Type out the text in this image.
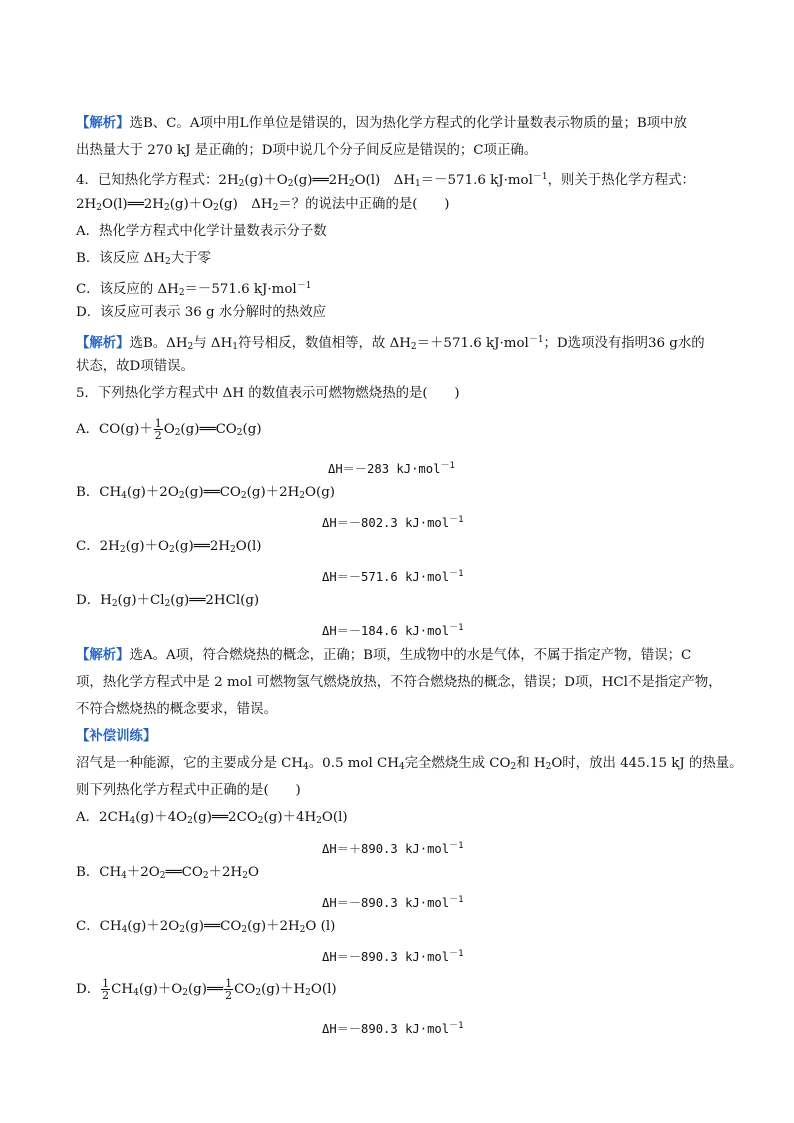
【解析】选B、C。A项中用L作单位是错误的，因为热化学方程式的化学计量数表示物质的量；B项中放
出热量大于 270 kJ 是正确的；D项中说几个分子间反应是错误的；C项正确。
4．已知热化学方程式：$2H_2(g)+O_2(g)══2H_2O(l)$　$\Delta H_1=-571.6$ kJ·mol$^{-1}$，则关于热化学方程式：
$2H_2O(l)══2H_2(g)+O_2(g)$　$\Delta H_2=$？的说法中正确的是(　　)
A．热化学方程式中化学计量数表示分子数
B．该反应 $\Delta H_2$大于零
C．该反应的 $\Delta H_2=-571.6$ kJ·mol$^{-1}$
D．该反应可表示 36 g 水分解时的热效应
【解析】选B。$\Delta H_2$与 $\Delta H_1$符号相反，数值相等，故 $\Delta H_2=+571.6$ kJ·mol$^{-1}$；D选项没有指明36 g水的
状态，故D项错误。
5．下列热化学方程式中 ΔH 的数值表示可燃物燃烧热的是(　　)
A．$CO(g)+ \frac{1}{2}$ $O_2(g)══CO_2(g)$
ΔH＝－283 kJ·mol$^{-1}$
B．$CH_4(g)+2O_2(g)══CO_2(g)+2H_2O(g)$
ΔH＝－802.3 kJ·mol$^{-1}$
C．$2H_2(g)+O_2(g)══2H_2O(l)$
ΔH＝－571.6 kJ·mol$^{-1}$
D．$H_2(g)+Cl_2(g)══2HCl(g)$
ΔH＝－184.6 kJ·mol$^{-1}$
【解析】选A。A项，符合燃烧热的概念，正确；B项，生成物中的水是气体，不属于指定产物，错误；C
项，热化学方程式中是 2 mol 可燃物氢气燃烧放热，不符合燃烧热的概念，错误；D项，HCl不是指定产物，
不符合燃烧热的概念要求，错误。
【补偿训练】
沼气是一种能源，它的主要成分是 $CH_4$。0.5 mol $CH_4$完全燃烧生成 $CO_2$和 $H_2O$时，放出 445.15 kJ 的热量。
则下列热化学方程式中正确的是(　　)
A．$2CH_4(g)+4O_2(g)══2CO_2(g)+4H_2O(l)$
ΔH＝＋890.3 kJ·mol$^{-1}$
B．$CH_4+2O_2══CO_2+2H_2O$
ΔH＝－890.3 kJ·mol$^{-1}$
C．$CH_4(g)+2O_2(g)══CO_2(g)+2H_2O$ (l)
ΔH＝－890.3 kJ·mol$^{-1}$
D． $\frac{1}{2}$ $CH_4(g)+O_2(g)══ \frac{1}{2} CO_2(g)+H_2O(l)$
ΔH＝－890.3 kJ·mol$^{-1}$
